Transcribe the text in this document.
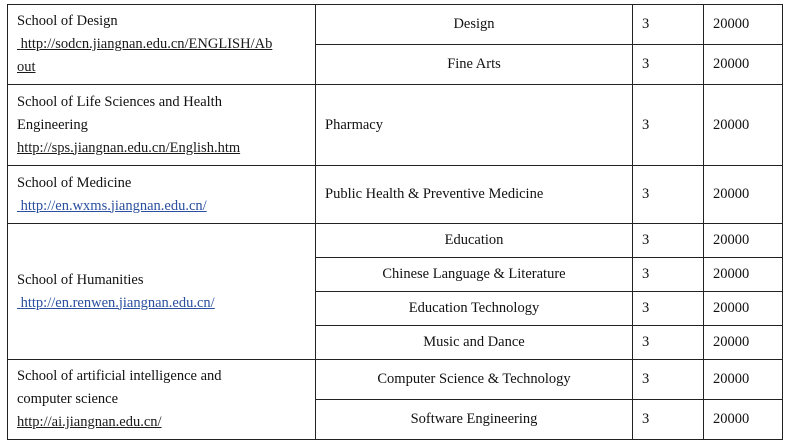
School of Design
http://sodcn.jiangnan.edu.cn/ENGLISH/Ab
out	Design	3	20000
	Fine Arts	3	20000

School of Life Sciences and Health
Engineering
http://sps.jiangnan.edu.cn/English.htm	Pharmacy	3	20000

School of Medicine
http://en.wxms.jiangnan.edu.cn/	Public Health & Preventive Medicine	3	20000

School of Humanities
http://en.renwen.jiangnan.edu.cn/	Education	3	20000
	Chinese Language & Literature	3	20000
	Education Technology	3	20000
	Music and Dance	3	20000

School of artificial intelligence and
computer science
http://ai.jiangnan.edu.cn/	Computer Science & Technology	3	20000
	Software Engineering	3	20000
